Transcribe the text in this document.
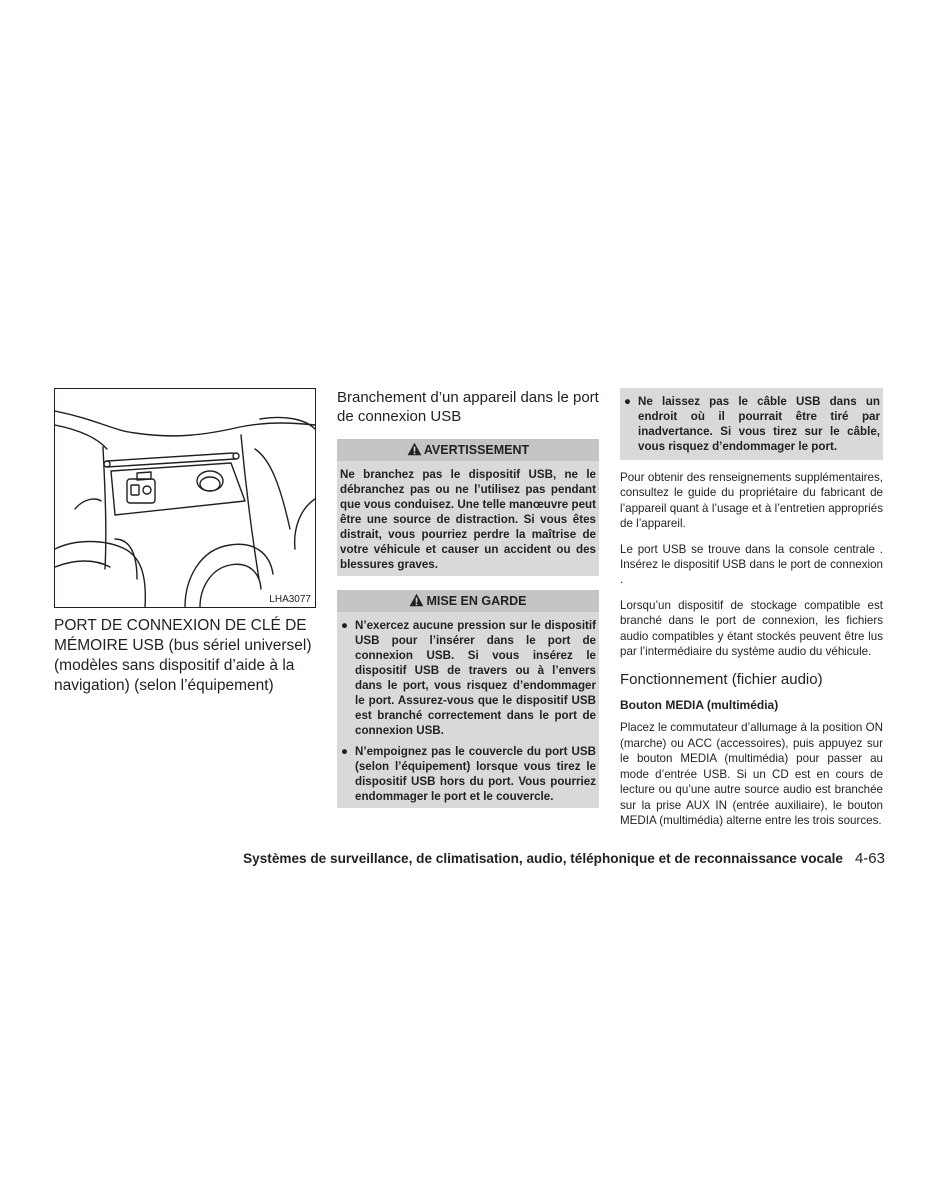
LHA3077

PORT DE CONNEXION DE CLÉ DE MÉMOIRE USB (bus sériel universel) (modèles sans dispositif d’aide à la navigation) (selon l’équipement)

Branchement d’un appareil dans le port de connexion USB
AVERTISSEMENT

Ne branchez pas le dispositif USB, ne le débranchez pas ou ne l’utilisez pas pendant que vous conduisez. Une telle manœuvre peut être une source de distraction. Si vous êtes distrait, vous pourriez perdre la maîtrise de votre véhicule et causer un accident ou des blessures graves.

MISE EN GARDE
● N’exercez aucune pression sur le dispositif USB pour l’insérer dans le port de connexion USB. Si vous insérez le dispositif USB de travers ou à l’envers dans le port, vous risquez d’endommager le port. Assurez-vous que le dispositif USB est branché correctement dans le port de connexion USB.
● N’empoignez pas le couvercle du port USB (selon l’équipement) lorsque vous tirez le dispositif USB hors du port. Vous pourriez endommager le port et le couvercle.
● Ne laissez pas le câble USB dans un endroit où il pourrait être tiré par inadvertance. Si vous tirez sur le câble, vous risquez d’endommager le port.

Pour obtenir des renseignements supplémentaires, consultez le guide du propriétaire du fabricant de l’appareil quant à l’usage et à l’entretien appropriés de l’appareil.

Le port USB se trouve dans la console centrale . Insérez le dispositif USB dans le port de connexion .

Lorsqu’un dispositif de stockage compatible est branché dans le port de connexion, les fichiers audio compatibles y étant stockés peuvent être lus par l’intermédiaire du système audio du véhicule.

Fonctionnement (fichier audio)
Bouton MEDIA (multimédia)

Placez le commutateur d’allumage à la position ON (marche) ou ACC (accessoires), puis appuyez sur le bouton MEDIA (multimédia) pour passer au mode d’entrée USB. Si un CD est en cours de lecture ou qu’une autre source audio est branchée sur la prise AUX IN (entrée auxiliaire), le bouton MEDIA (multimédia) alterne entre les trois sources.

Systèmes de surveillance, de climatisation, audio, téléphonique et de reconnaissance vocale 4-63
